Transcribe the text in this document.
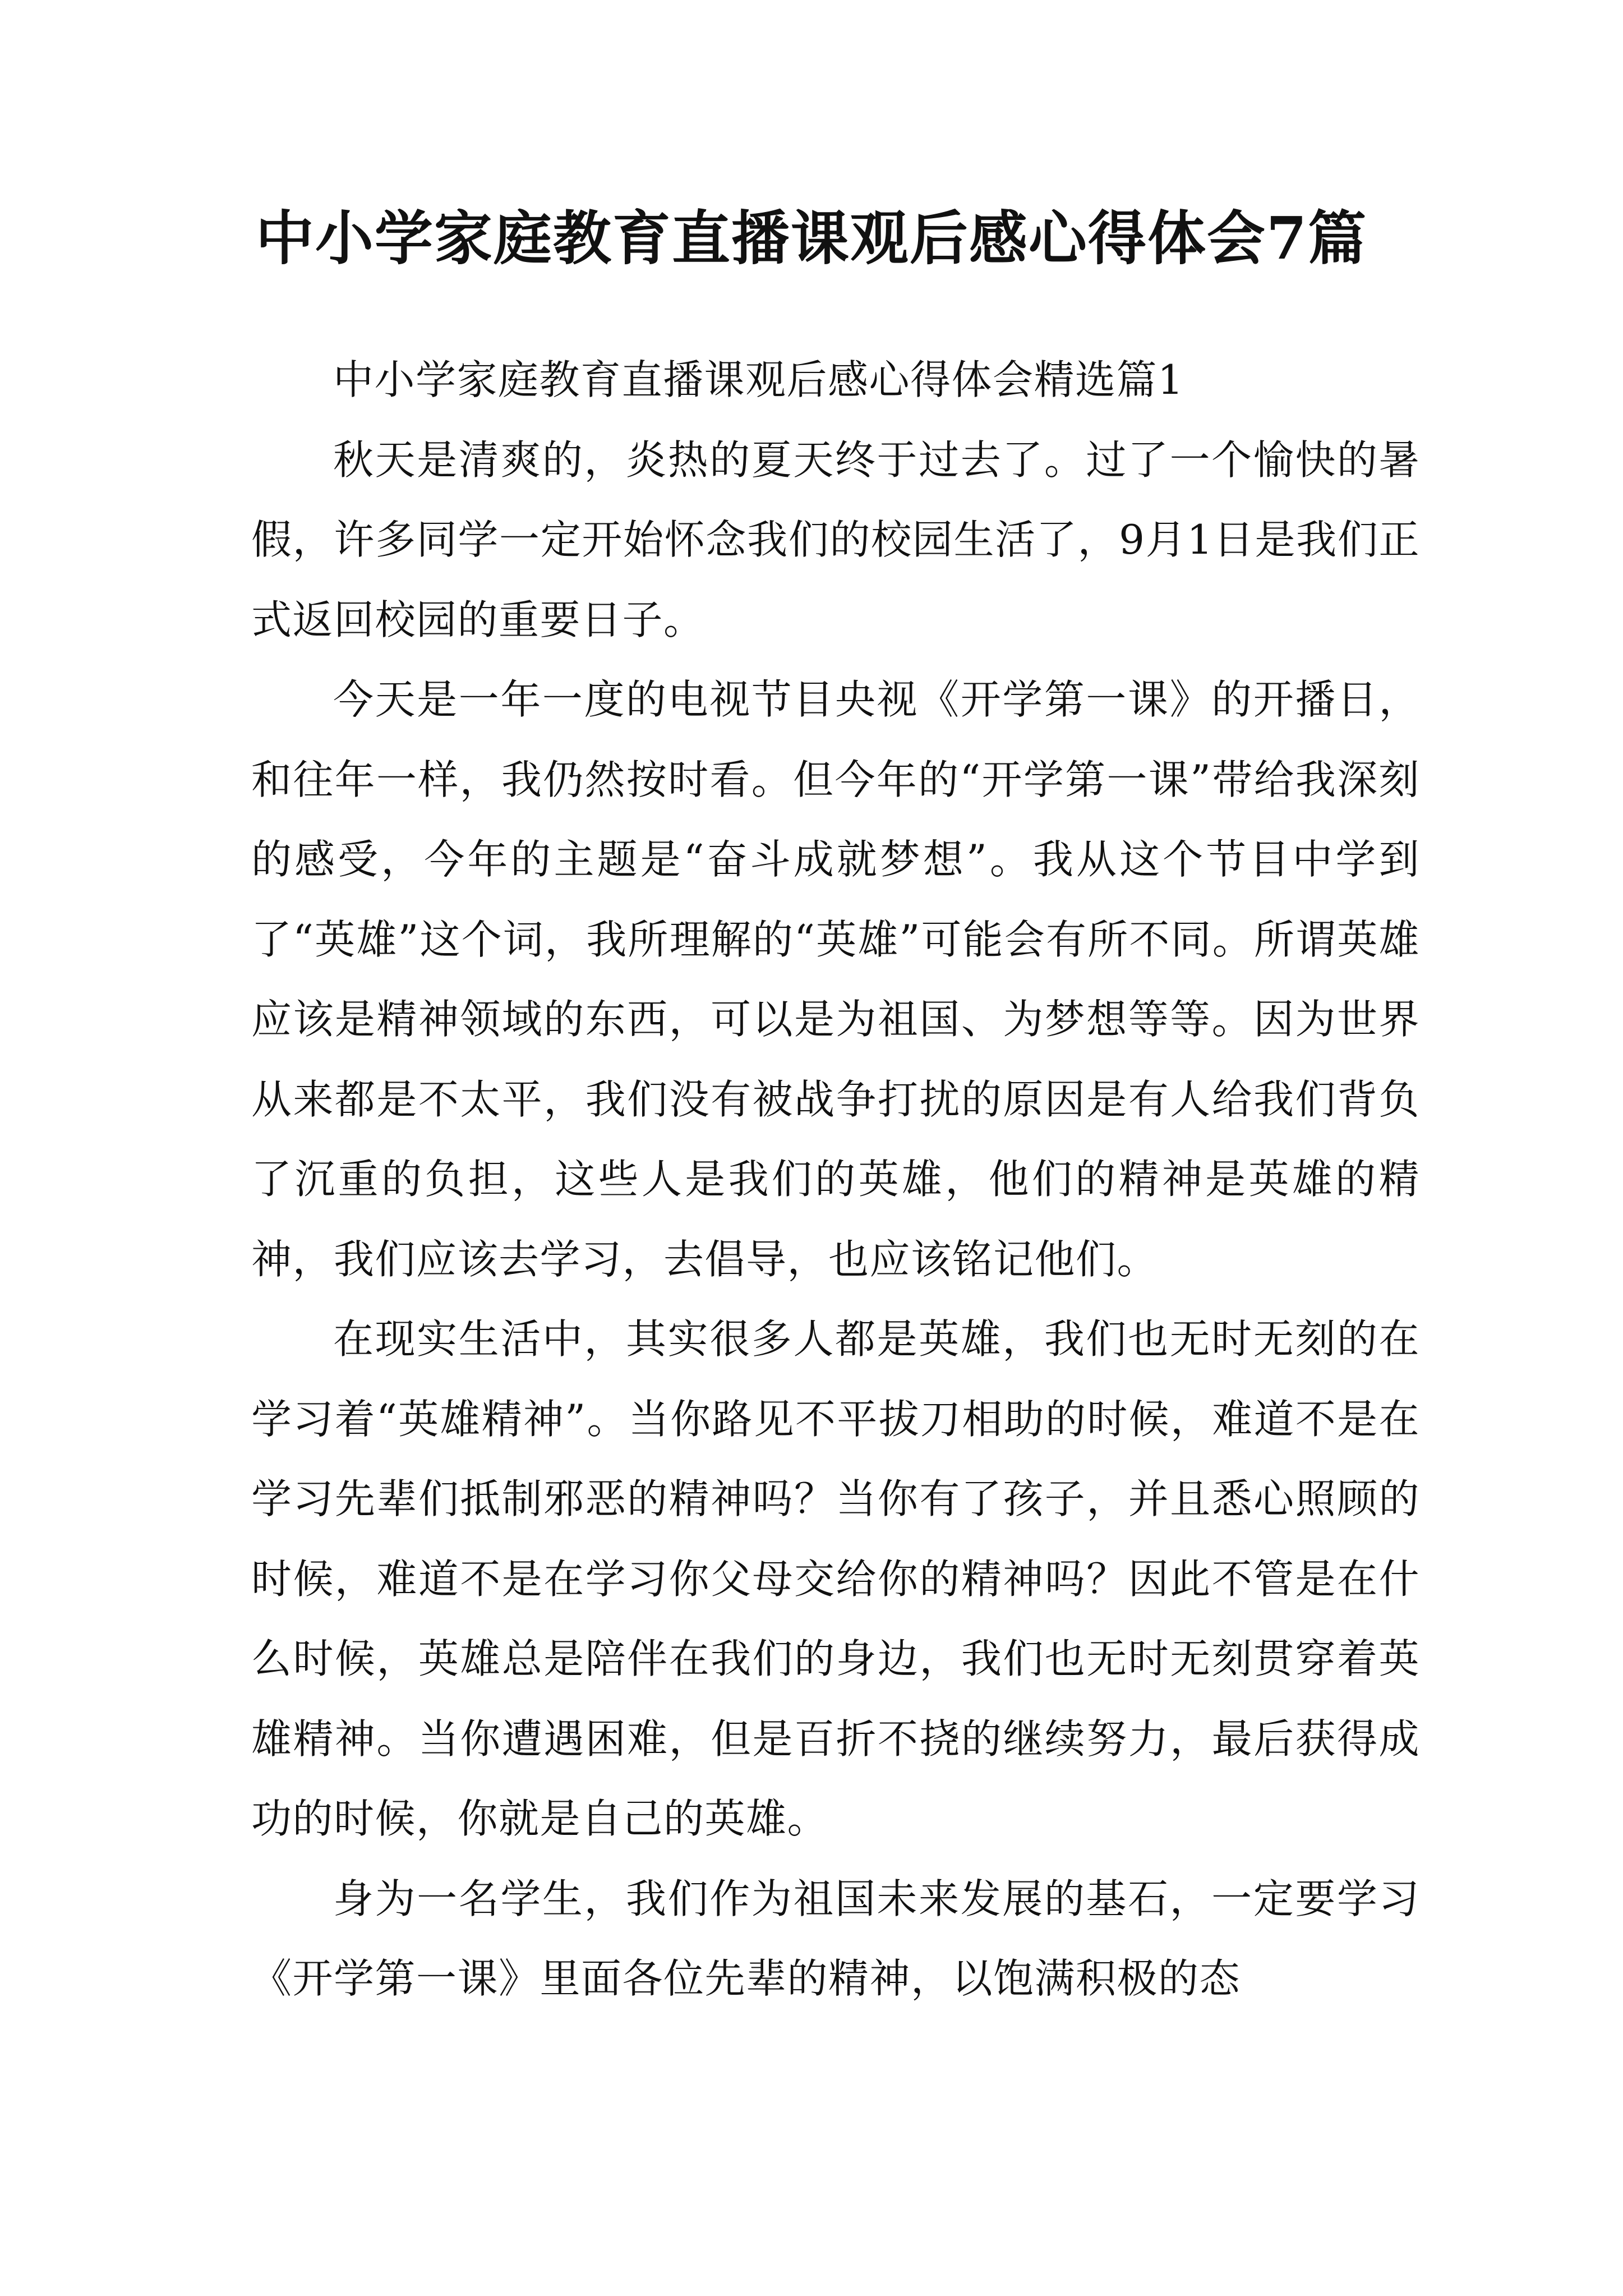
中小学家庭教育直播课观后感心得体会7篇

中小学家庭教育直播课观后感心得体会精选篇1

秋天是清爽的，炎热的夏天终于过去了。过了一个愉快的暑假，许多同学一定开始怀念我们的校园生活了，9月1日是我们正式返回校园的重要日子。

今天是一年一度的电视节目央视《开学第一课》的开播日，和往年一样，我仍然按时看。但今年的“开学第一课”带给我深刻的感受，今年的主题是“奋斗成就梦想”。我从这个节目中学到了“英雄”这个词，我所理解的“英雄”可能会有所不同。所谓英雄应该是精神领域的东西，可以是为祖国、为梦想等等。因为世界从来都是不太平，我们没有被战争打扰的原因是有人给我们背负了沉重的负担，这些人是我们的英雄，他们的精神是英雄的精神，我们应该去学习，去倡导，也应该铭记他们。

在现实生活中，其实很多人都是英雄，我们也无时无刻的在学习着“英雄精神”。当你路见不平拔刀相助的时候，难道不是在学习先辈们抵制邪恶的精神吗？当你有了孩子，并且悉心照顾的时候，难道不是在学习你父母交给你的精神吗？因此不管是在什么时候，英雄总是陪伴在我们的身边，我们也无时无刻贯穿着英雄精神。当你遭遇困难，但是百折不挠的继续努力，最后获得成功的时候，你就是自己的英雄。

身为一名学生，我们作为祖国未来发展的基石，一定要学习《开学第一课》里面各位先辈的精神，以饱满积极的态
